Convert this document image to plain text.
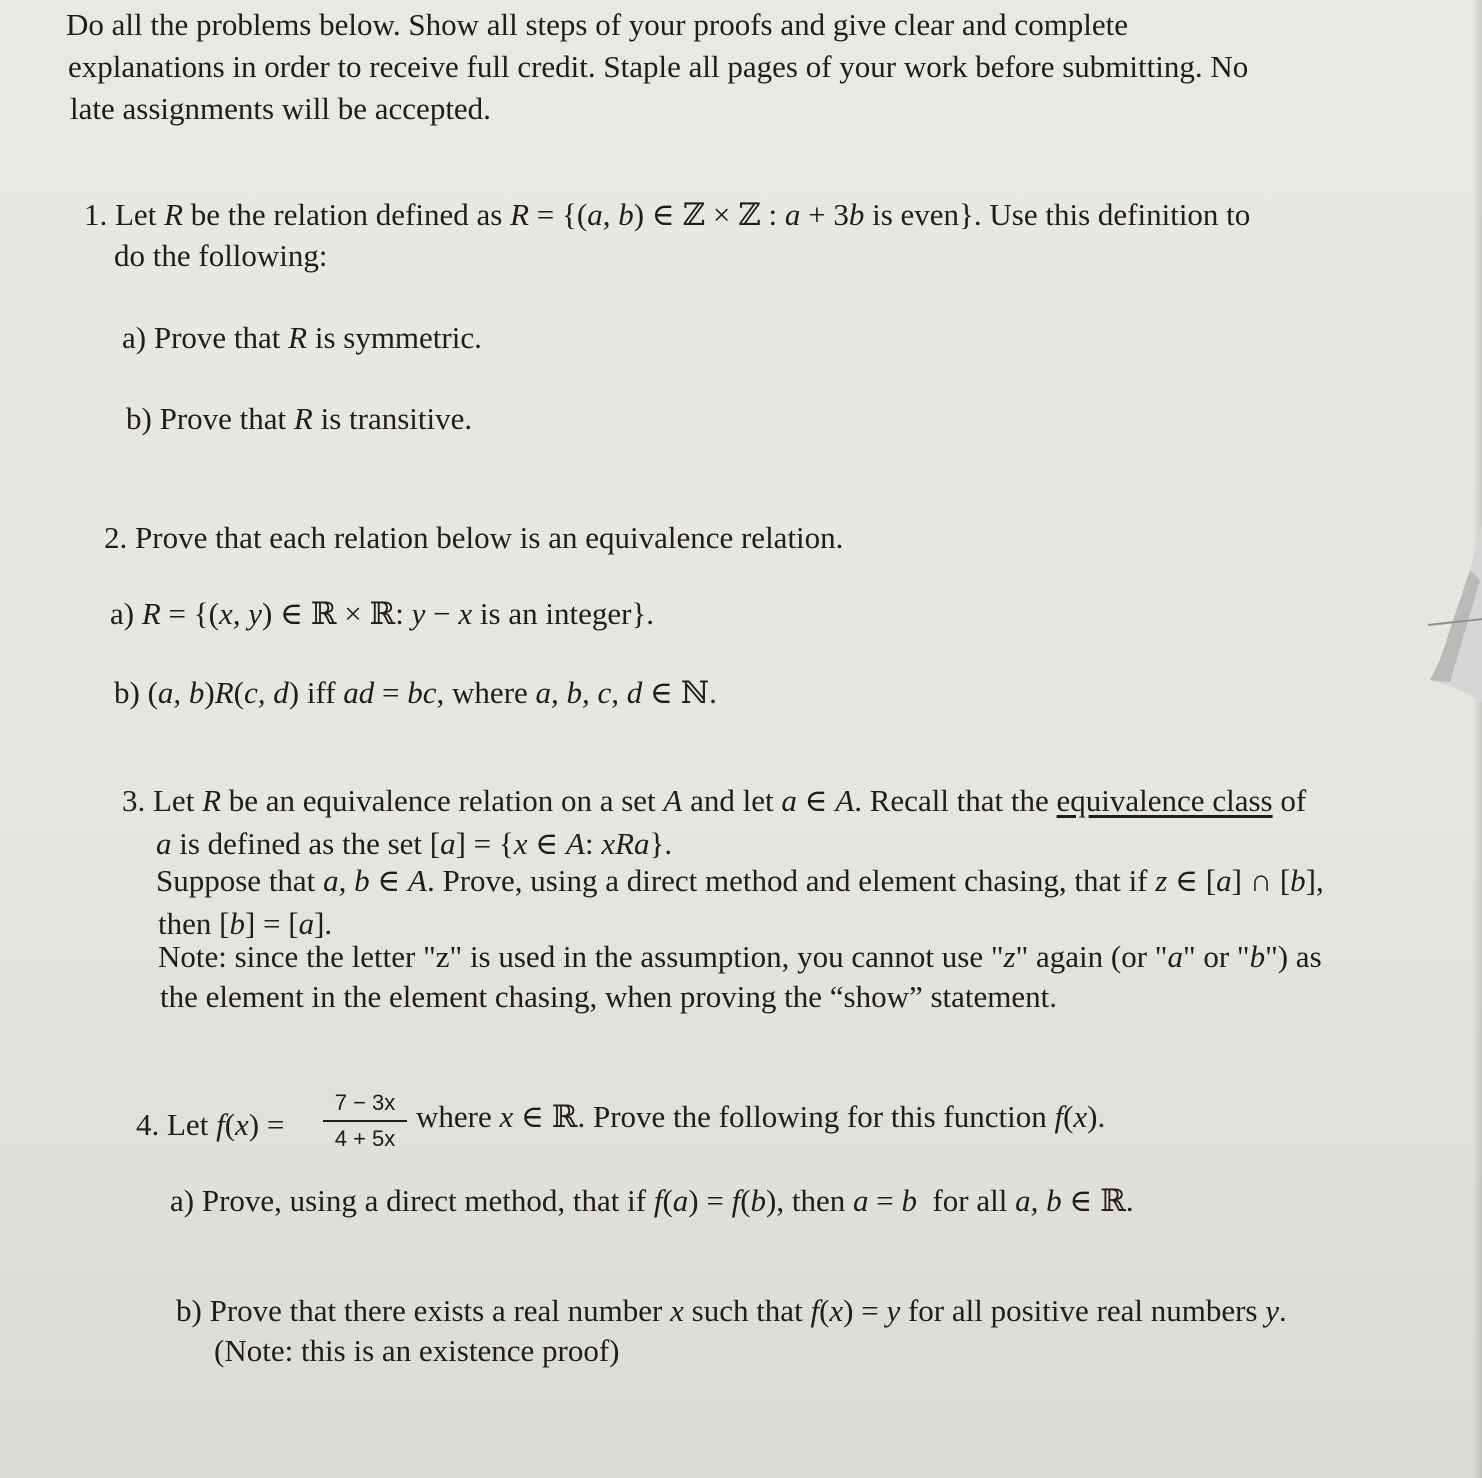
Do all the problems below. Show all steps of your proofs and give clear and complete
explanations in order to receive full credit. Staple all pages of your work before submitting. No
late assignments will be accepted.
1. Let R be the relation defined as R = {(a, b) ∈ ℤ × ℤ : a + 3b is even}. Use this definition to
do the following:
a) Prove that R is symmetric.
b) Prove that R is transitive.
2. Prove that each relation below is an equivalence relation.
a) R = {(x, y) ∈ ℝ × ℝ: y − x is an integer}.
b) (a, b)R(c, d) iff ad = bc, where a, b, c, d ∈ ℕ.
3. Let R be an equivalence relation on a set A and let a ∈ A. Recall that the equivalence class of
a is defined as the set [a] = {x ∈ A: xRa}.
Suppose that a, b ∈ A. Prove, using a direct method and element chasing, that if z ∈ [a] ∩ [b],
then [b] = [a].
Note: since the letter "z" is used in the assumption, you cannot use "z" again (or "a" or "b") as
the element in the element chasing, when proving the “show” statement.
4. Let f(x) =
7 − 3x
4 + 5x
where x ∈ ℝ. Prove the following for this function f(x).
a) Prove, using a direct method, that if f(a) = f(b), then a = b  for all a, b ∈ ℝ.
b) Prove that there exists a real number x such that f(x) = y for all positive real numbers y.
(Note: this is an existence proof)
